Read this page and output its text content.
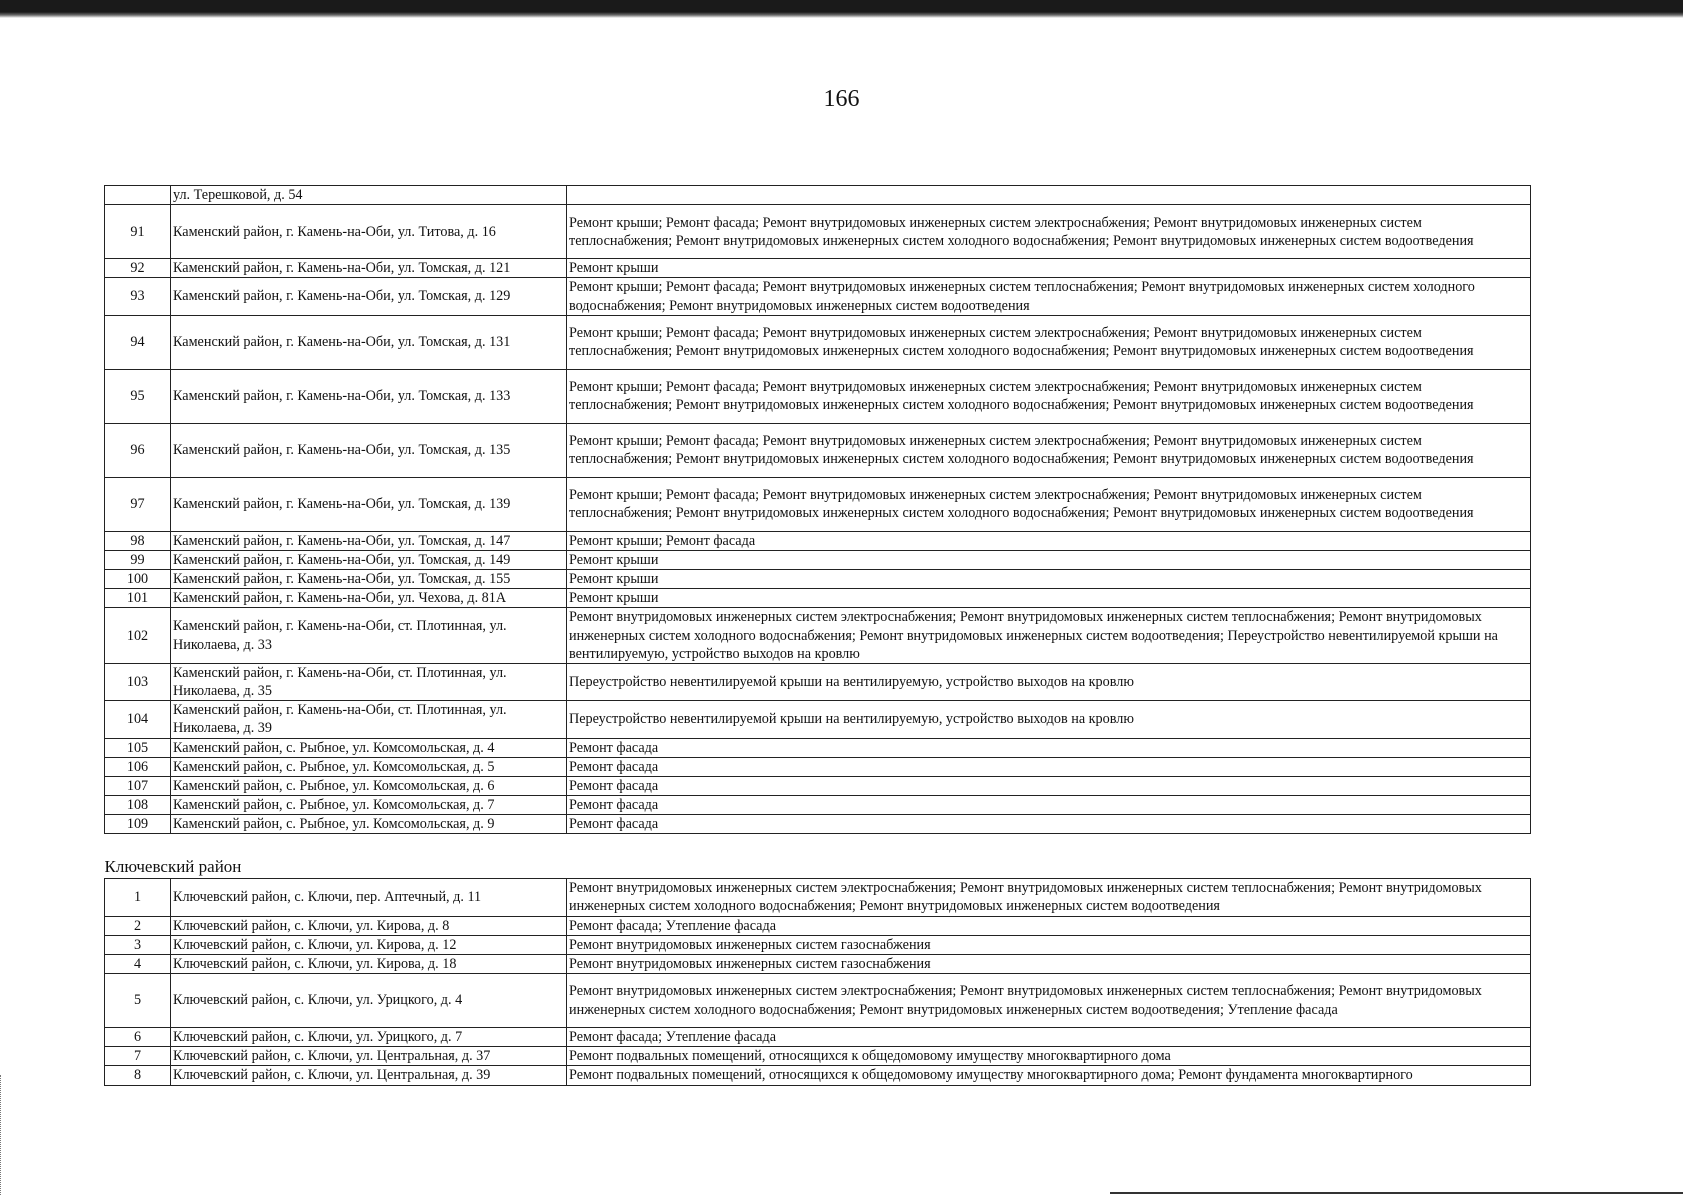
166
	ул. Терешковой, д. 54	
91	Каменский район, г. Камень-на-Оби, ул. Титова, д. 16	Ремонт крыши; Ремонт фасада; Ремонт внутридомовых инженерных систем электроснабжения; Ремонт внутридомовых инженерных систем теплоснабжения; Ремонт внутридомовых инженерных систем холодного водоснабжения; Ремонт внутридомовых инженерных систем водоотведения
92	Каменский район, г. Камень-на-Оби, ул. Томская, д. 121	Ремонт крыши
93	Каменский район, г. Камень-на-Оби, ул. Томская, д. 129	Ремонт крыши; Ремонт фасада; Ремонт внутридомовых инженерных систем теплоснабжения; Ремонт внутридомовых инженерных систем холодного водоснабжения; Ремонт внутридомовых инженерных систем водоотведения
94	Каменский район, г. Камень-на-Оби, ул. Томская, д. 131	Ремонт крыши; Ремонт фасада; Ремонт внутридомовых инженерных систем электроснабжения; Ремонт внутридомовых инженерных систем теплоснабжения; Ремонт внутридомовых инженерных систем холодного водоснабжения; Ремонт внутридомовых инженерных систем водоотведения
95	Каменский район, г. Камень-на-Оби, ул. Томская, д. 133	Ремонт крыши; Ремонт фасада; Ремонт внутридомовых инженерных систем электроснабжения; Ремонт внутридомовых инженерных систем теплоснабжения; Ремонт внутридомовых инженерных систем холодного водоснабжения; Ремонт внутридомовых инженерных систем водоотведения
96	Каменский район, г. Камень-на-Оби, ул. Томская, д. 135	Ремонт крыши; Ремонт фасада; Ремонт внутридомовых инженерных систем электроснабжения; Ремонт внутридомовых инженерных систем теплоснабжения; Ремонт внутридомовых инженерных систем холодного водоснабжения; Ремонт внутридомовых инженерных систем водоотведения
97	Каменский район, г. Камень-на-Оби, ул. Томская, д. 139	Ремонт крыши; Ремонт фасада; Ремонт внутридомовых инженерных систем электроснабжения; Ремонт внутридомовых инженерных систем теплоснабжения; Ремонт внутридомовых инженерных систем холодного водоснабжения; Ремонт внутридомовых инженерных систем водоотведения
98	Каменский район, г. Камень-на-Оби, ул. Томская, д. 147	Ремонт крыши; Ремонт фасада
99	Каменский район, г. Камень-на-Оби, ул. Томская, д. 149	Ремонт крыши
100	Каменский район, г. Камень-на-Оби, ул. Томская, д. 155	Ремонт крыши
101	Каменский район, г. Камень-на-Оби, ул. Чехова, д. 81А	Ремонт крыши
102	Каменский район, г. Камень-на-Оби, ст. Плотинная, ул. Николаева, д. 33	Ремонт внутридомовых инженерных систем электроснабжения; Ремонт внутридомовых инженерных систем теплоснабжения; Ремонт внутридомовых инженерных систем холодного водоснабжения; Ремонт внутридомовых инженерных систем водоотведения; Переустройство невентилируемой крыши на вентилируемую, устройство выходов на кровлю
103	Каменский район, г. Камень-на-Оби, ст. Плотинная, ул. Николаева, д. 35	Переустройство невентилируемой крыши на вентилируемую, устройство выходов на кровлю
104	Каменский район, г. Камень-на-Оби, ст. Плотинная, ул. Николаева, д. 39	Переустройство невентилируемой крыши на вентилируемую, устройство выходов на кровлю
105	Каменский район, с. Рыбное, ул. Комсомольская, д. 4	Ремонт фасада
106	Каменский район, с. Рыбное, ул. Комсомольская, д. 5	Ремонт фасада
107	Каменский район, с. Рыбное, ул. Комсомольская, д. 6	Ремонт фасада
108	Каменский район, с. Рыбное, ул. Комсомольская, д. 7	Ремонт фасада
109	Каменский район, с. Рыбное, ул. Комсомольская, д. 9	Ремонт фасада

Ключевский район		
1	Ключевский район, с. Ключи, пер. Аптечный, д. 11	Ремонт внутридомовых инженерных систем электроснабжения; Ремонт внутридомовых инженерных систем теплоснабжения; Ремонт внутридомовых инженерных систем холодного водоснабжения; Ремонт внутридомовых инженерных систем водоотведения
2	Ключевский район, с. Ключи, ул. Кирова, д. 8	Ремонт фасада; Утепление фасада
3	Ключевский район, с. Ключи, ул. Кирова, д. 12	Ремонт внутридомовых инженерных систем газоснабжения
4	Ключевский район, с. Ключи, ул. Кирова, д. 18	Ремонт внутридомовых инженерных систем газоснабжения
5	Ключевский район, с. Ключи, ул. Урицкого, д. 4	Ремонт внутридомовых инженерных систем электроснабжения; Ремонт внутридомовых инженерных систем теплоснабжения; Ремонт внутридомовых инженерных систем холодного водоснабжения; Ремонт внутридомовых инженерных систем водоотведения; Утепление фасада
6	Ключевский район, с. Ключи, ул. Урицкого, д. 7	Ремонт фасада; Утепление фасада
7	Ключевский район, с. Ключи, ул. Центральная, д. 37	Ремонт подвальных помещений, относящихся к общедомовому имуществу многоквартирного дома
8	Ключевский район, с. Ключи, ул. Центральная, д. 39	Ремонт подвальных помещений, относящихся к общедомовому имуществу многоквартирного дома; Ремонт фундамента многоквартирного
